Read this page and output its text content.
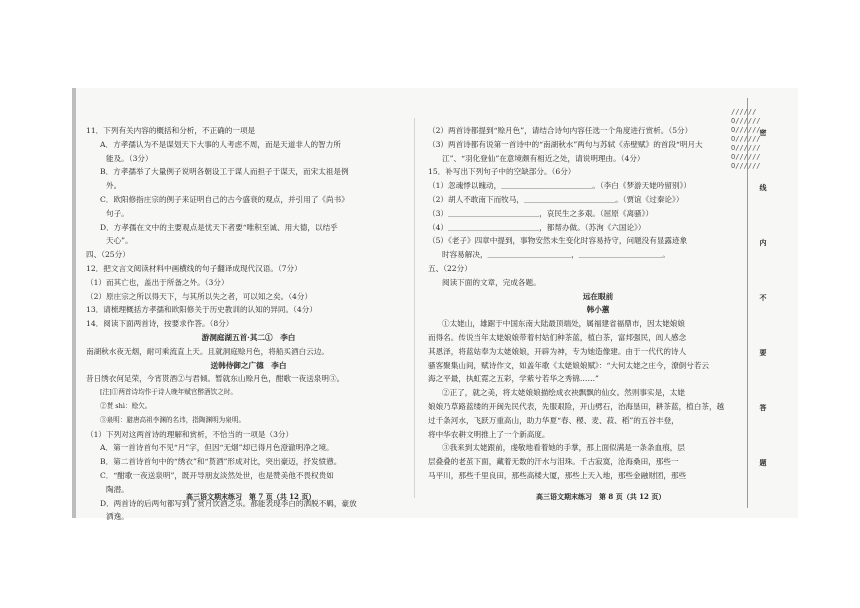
11．下列有关内容的概括和分析，不正确的一项是
A．方孝孺认为不是谋划天下大事的人考虑不周，而是天道非人的智力所
能及。（3分）
B．方孝孺举了大量例子说明各朝设工于谋人而担子于谋天，而宋太祖是例
外。
C．欧阳修指庄宗的例子来证明自己的古今盛衰的观点，并引用了《尚书》
句子。
D．方孝孺在文中的主要观点是忧天下者要“唯积至诚、用大德，以结乎
天心”。
四、（25分）
12．把文言文阅读材料中画横线的句子翻译成现代汉语。（7分）
（1）而其亡也，盖出于所备之外。（3分）
（2）原庄宗之所以得天下，与其所以失之者，可以知之矣。（4分）
13．请梳理概括方孝孺和欧阳修关于历史教训的认知的异同。（4分）
14．阅读下面两首诗，按要求作答。（8分）
游洞庭湖五首·其二①　李白
南湖秋水夜无烟，耐可乘流直上天。且就洞庭赊月色，将船买酒白云边。
送韩侍御之广德　李白
昔日绣衣何足荣，今宵贳酒②与君倾。暂就东山赊月色，酣歌一夜送泉明③。
[注]①两首诗均作于诗人晚年赋官醉酒饮之时。
②贳 shì：赊欠。
③泉明：避唐高祖李渊的名讳，指陶渊明为泉明。
（1）下列对这两首诗的理解和赏析，不恰当的一项是（3分）
A．第一首诗首句不见“月”字，但因“无烟”却已得月色澄澈明净之境。
B．第二首诗首句中的“绣衣”和“贳酒”形成对比，突出豪迈，抒发愤懑。
C．“酣歌一夜送泉明”，既开导朋友淡然处世，也是赞美他不畏权贵如
陶潜。
D．两首诗的后两句都写到了赏月饮酒之乐。都能表现李白的洒脱不羁，豪放
洒逸。
（2）两首诗都提到“赊月色”，请结合诗句内容任选一个角度进行赏析。（5分）
（3）两首诗都有说第一首诗中的“南湖秋水”两句与苏轼《赤壁赋》的首段“明月大
江”、“羽化登仙”在意境颇有相近之处，请说明理由。（4分）
15．补写出下列句子中的空缺部分。（6分）
（1）忽魂悸以魄动，＿＿＿＿＿＿＿＿＿＿＿＿。（李白《梦游天姥吟留别》）
（2）胡人不敢南下而牧马，＿＿＿＿＿＿＿＿＿＿＿＿。（贾谊《过秦论》）
（3）＿＿＿＿＿＿＿＿＿＿＿＿，哀民生之多艰。（屈原《离骚》）
（4）＿＿＿＿＿＿＿＿＿＿＿＿，都帮办做。（苏洵《六国论》）
（5）《老子》四章中提到，事物安然未生变化时容易持守，问题没有显露迹象
时容易解决，＿＿＿＿＿＿＿＿＿＿＿，＿＿＿＿＿＿＿＿＿＿＿。
五、（22分）
阅读下面的文章，完成各题。
远在眼前
韩小蕙
①太姥山，雄踞于中国东南大陆最顶端处，属福建省福鼎市，因太姥娘娘
而得名。传说当年太姥娘娘带着村姑们种茶蓝，植白茶，富邦强民，闾人感念
其恩泽，将蓝姑奉为太姥娘娘，开辟为神，专为她造像建。由于一代代的诗人
骚客聚集山间，赋诗作文，如盖年歌《太姥娘娘赋》：“大何太姥之庄今，潦倒兮若云
海之平最，执虹霓之五彩，学紫兮若华之秀锦……”
②正了，就之美，将太姥娘娘描绘成衣袂飘飘的仙女。然则事实是，太姥
娘娘乃草路蓝缕的开闽先民代表，先服艰险，开山劈石，治海垦田，耕茶蓝，植白茶，越
过千条河水，飞跃万重高山，助力华夏“春、稷、麦、菽、稻”的五谷丰登，
将中华农耕文明推上了一个新高度。
③我来到太姥跟前，虔敬地看着她的手掌，那上面似满是一条条血痕，层
层叠叠的老茧下面，藏着无数的汗水与泪珠。千古寂寞，沧海桑田，那些一
马平川，那些千里良田，那些高楼大厦，那些上天入地，那些金融财团，那些
高三语文期末练习　第 7 页（共 12 页）	高三语文期末练习　第 8 页（共 12 页）
//////O//////O//////O//////O//////O//////O//////
密
线
内
不
要
答
题
